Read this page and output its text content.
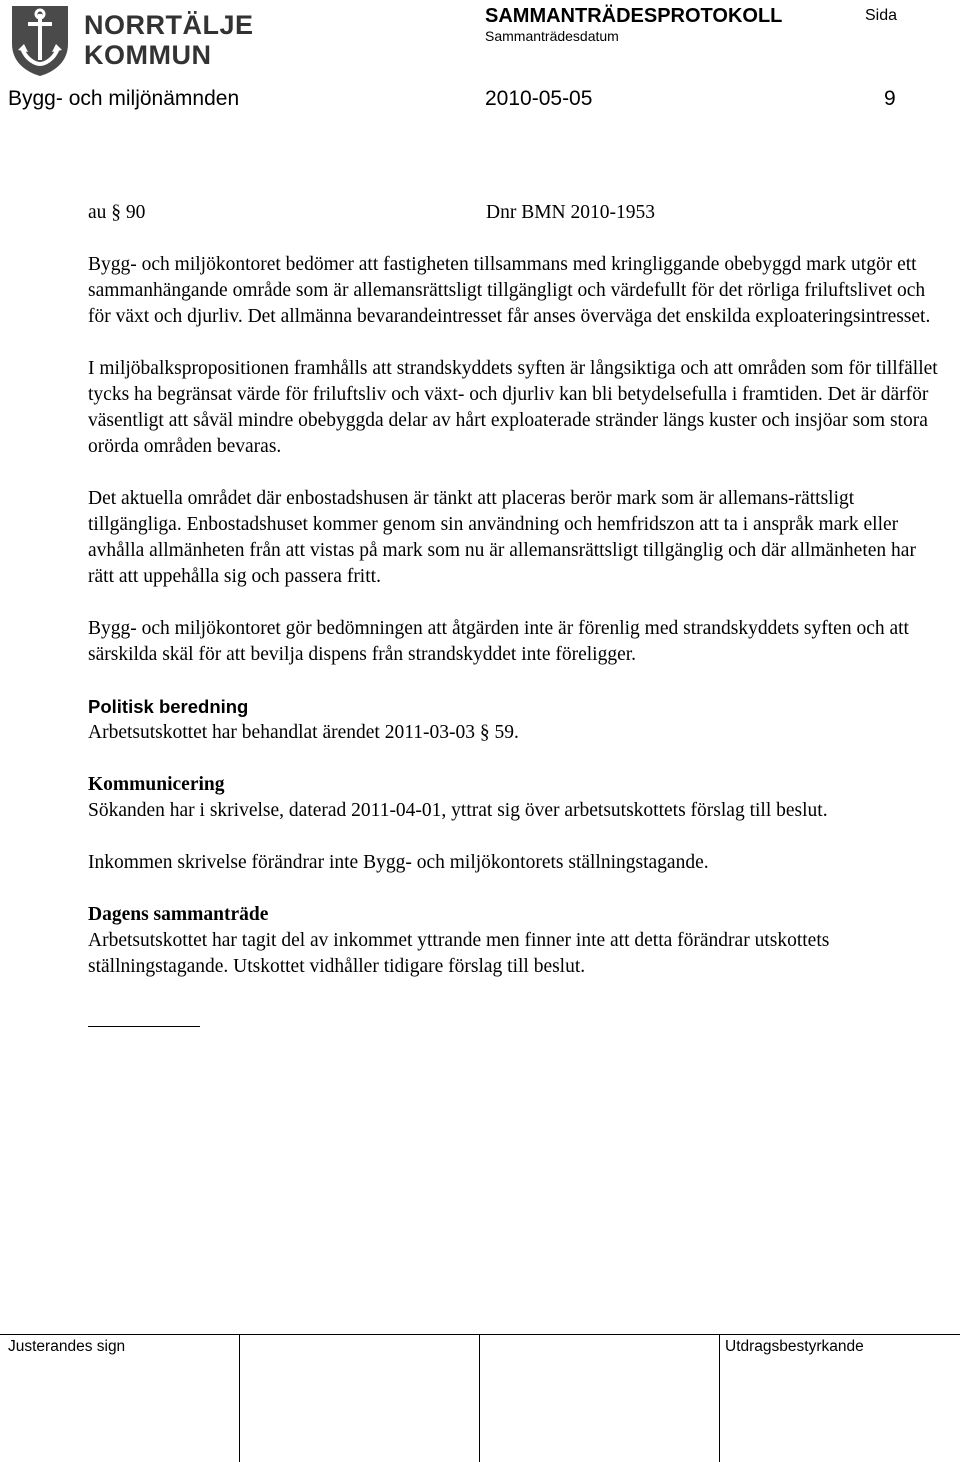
NORRTÄLJE
KOMMUN
SAMMANTRÄDESPROTOKOLL
Sammanträdesdatum
Sida
Bygg- och miljönämnden	2010-05-05	9
au § 90	Dnr BMN 2010-1953

Bygg- och miljökontoret bedömer att fastigheten tillsammans med kringliggande obebyggd mark utgör ett sammanhängande område som är allemansrättsligt tillgängligt och värdefullt för det rörliga friluftslivet och för växt och djurliv. Det allmänna bevarandeintresset får anses överväga det enskilda exploateringsintresset.

I miljöbalkspropositionen framhålls att strandskyddets syften är långsiktiga och att områden som för tillfället tycks ha begränsat värde för friluftsliv och växt- och djurliv kan bli betydelsefulla i framtiden. Det är därför väsentligt att såväl mindre obebyggda delar av hårt exploaterade stränder längs kuster och insjöar som stora orörda områden bevaras.

Det aktuella området där enbostadshusen är tänkt att placeras berör mark som är allemans-rättsligt tillgängliga. Enbostadshuset kommer genom sin användning och hemfridszon att ta i anspråk mark eller avhålla allmänheten från att vistas på mark som nu är allemansrättsligt tillgänglig och där allmänheten har rätt att uppehålla sig och passera fritt.

Bygg- och miljökontoret gör bedömningen att åtgärden inte är förenlig med strandskyddets syften och att särskilda skäl för att bevilja dispens från strandskyddet inte föreligger.

Politisk beredning
Arbetsutskottet har behandlat ärendet 2011-03-03 § 59.
Kommunicering
Sökanden har i skrivelse, daterad 2011-04-01, yttrat sig över arbetsutskottets förslag till beslut.

Inkommen skrivelse förändrar inte Bygg- och miljökontorets ställningstagande.

Dagens sammanträde
Arbetsutskottet har tagit del av inkommet yttrande men finner inte att detta förändrar utskottets ställningstagande. Utskottet vidhåller tidigare förslag till beslut.
Justerandes sign	Utdragsbestyrkande
